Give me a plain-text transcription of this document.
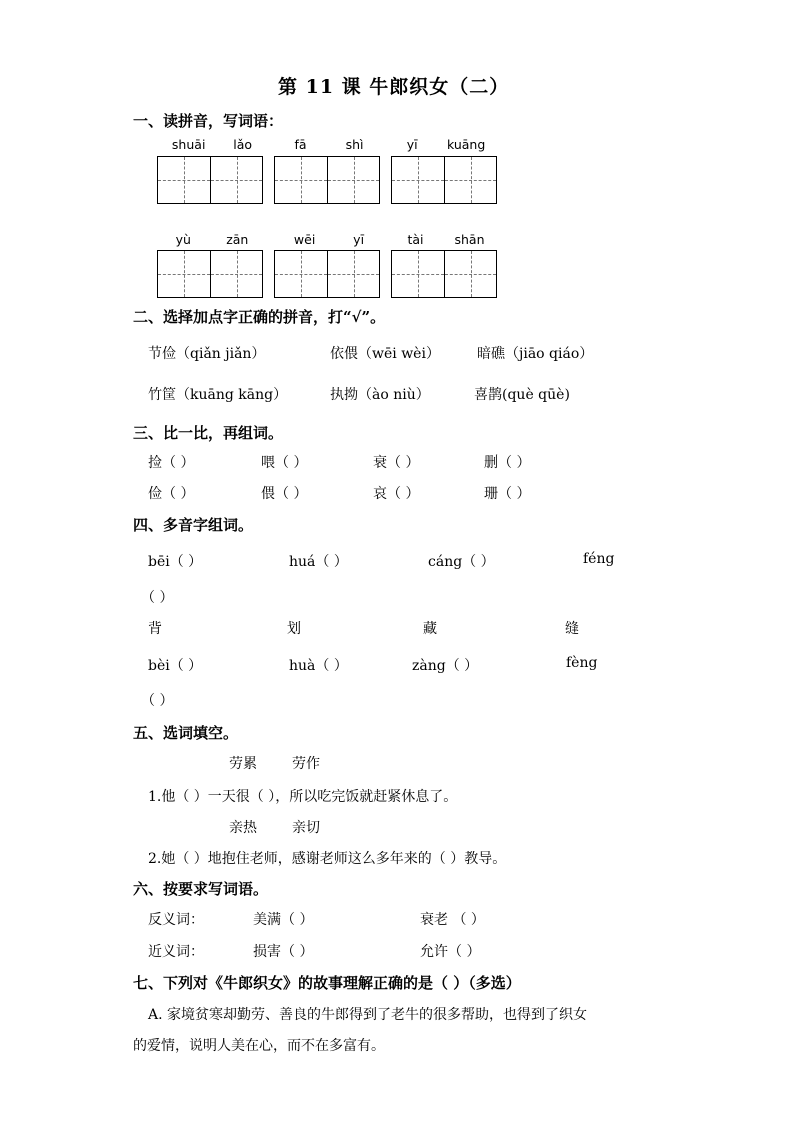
第 11 课 牛郎织女（二）
一、读拼音，写词语：
shuāi lǎo	fā	shì	yī kuāng
yù	zān	wēi	yī	tài shān
二、选择加点字正确的拼音，打“√”。
节俭（qiǎn jiǎn）	依偎（wēi wèi）	暗礁（jiāo qiáo）
竹筐（kuāng kāng）	执拗（ào niù）	喜鹊(què qūè)
三、比一比，再组词。
捡（ ）	喂（ ）	衰（ ）	删（ ）
俭（ ）	偎（ ）	哀（ ）	珊（ ）
四、多音字组词。
bēi（ ）	huá（ ）	cáng（ ）	féng
（ ）
背	划	藏	缝
bèi（ ）	huà（ ）	zàng（ ）	fèng
（ ）
五、选词填空。
劳累	劳作
1.他（ ）一天很（ ），所以吃完饭就赶紧休息了。
亲热	亲切
2.她（ ）地抱住老师，感谢老师这么多年来的（ ）教导。
六、按要求写词语。
反义词：	美满（ ）	衰老 （ ）
近义词：	损害（ ）	允许（ ）
七、下列对《牛郎织女》的故事理解正确的是（ ）（多选）
A. 家境贫寒却勤劳、善良的牛郎得到了老牛的很多帮助，也得到了织女
的爱情，说明人美在心，而不在多富有。
